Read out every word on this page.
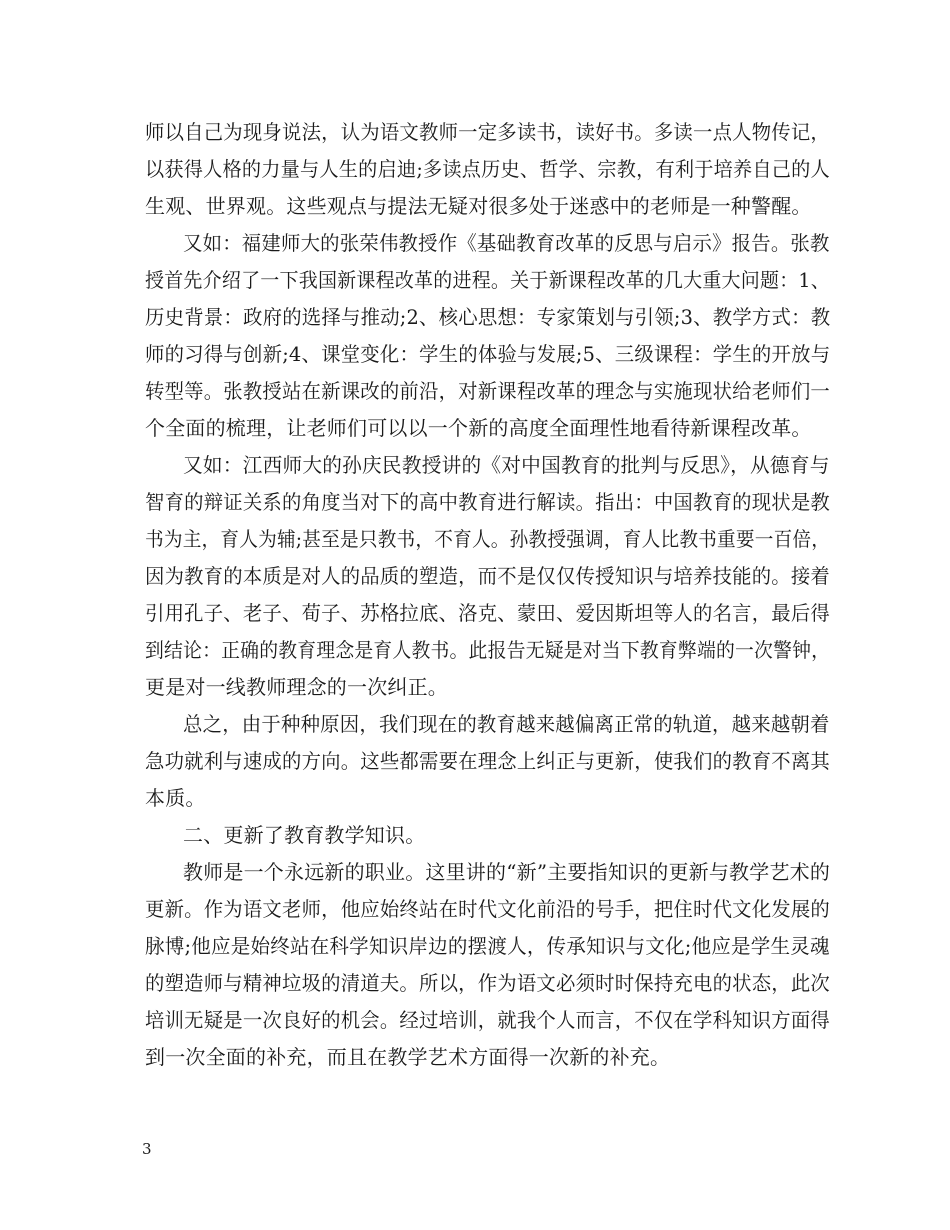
师以自己为现身说法，认为语文教师一定多读书，读好书。多读一点人物传记，
以获得人格的力量与人生的启迪;多读点历史、哲学、宗教，有利于培养自己的人
生观、世界观。这些观点与提法无疑对很多处于迷惑中的老师是一种警醒。
又如：福建师大的张荣伟教授作《基础教育改革的反思与启示》报告。张教
授首先介绍了一下我国新课程改革的进程。关于新课程改革的几大重大问题：1、
历史背景：政府的选择与推动;2、核心思想：专家策划与引领;3、教学方式：教
师的习得与创新;4、课堂变化：学生的体验与发展;5、三级课程：学生的开放与
转型等。张教授站在新课改的前沿，对新课程改革的理念与实施现状给老师们一
个全面的梳理，让老师们可以以一个新的高度全面理性地看待新课程改革。
又如：江西师大的孙庆民教授讲的《对中国教育的批判与反思》，从德育与
智育的辩证关系的角度当对下的高中教育进行解读。指出：中国教育的现状是教
书为主，育人为辅;甚至是只教书，不育人。孙教授强调，育人比教书重要一百倍，
因为教育的本质是对人的品质的塑造，而不是仅仅传授知识与培养技能的。接着
引用孔子、老子、荀子、苏格拉底、洛克、蒙田、爱因斯坦等人的名言，最后得
到结论：正确的教育理念是育人教书。此报告无疑是对当下教育弊端的一次警钟，
更是对一线教师理念的一次纠正。
总之，由于种种原因，我们现在的教育越来越偏离正常的轨道，越来越朝着
急功就利与速成的方向。这些都需要在理念上纠正与更新，使我们的教育不离其
本质。
二、更新了教育教学知识。
教师是一个永远新的职业。这里讲的“新”主要指知识的更新与教学艺术的
更新。作为语文老师，他应始终站在时代文化前沿的号手，把住时代文化发展的
脉博;他应是始终站在科学知识岸边的摆渡人，传承知识与文化;他应是学生灵魂
的塑造师与精神垃圾的清道夫。所以，作为语文必须时时保持充电的状态，此次
培训无疑是一次良好的机会。经过培训，就我个人而言，不仅在学科知识方面得
到一次全面的补充，而且在教学艺术方面得一次新的补充。
3
